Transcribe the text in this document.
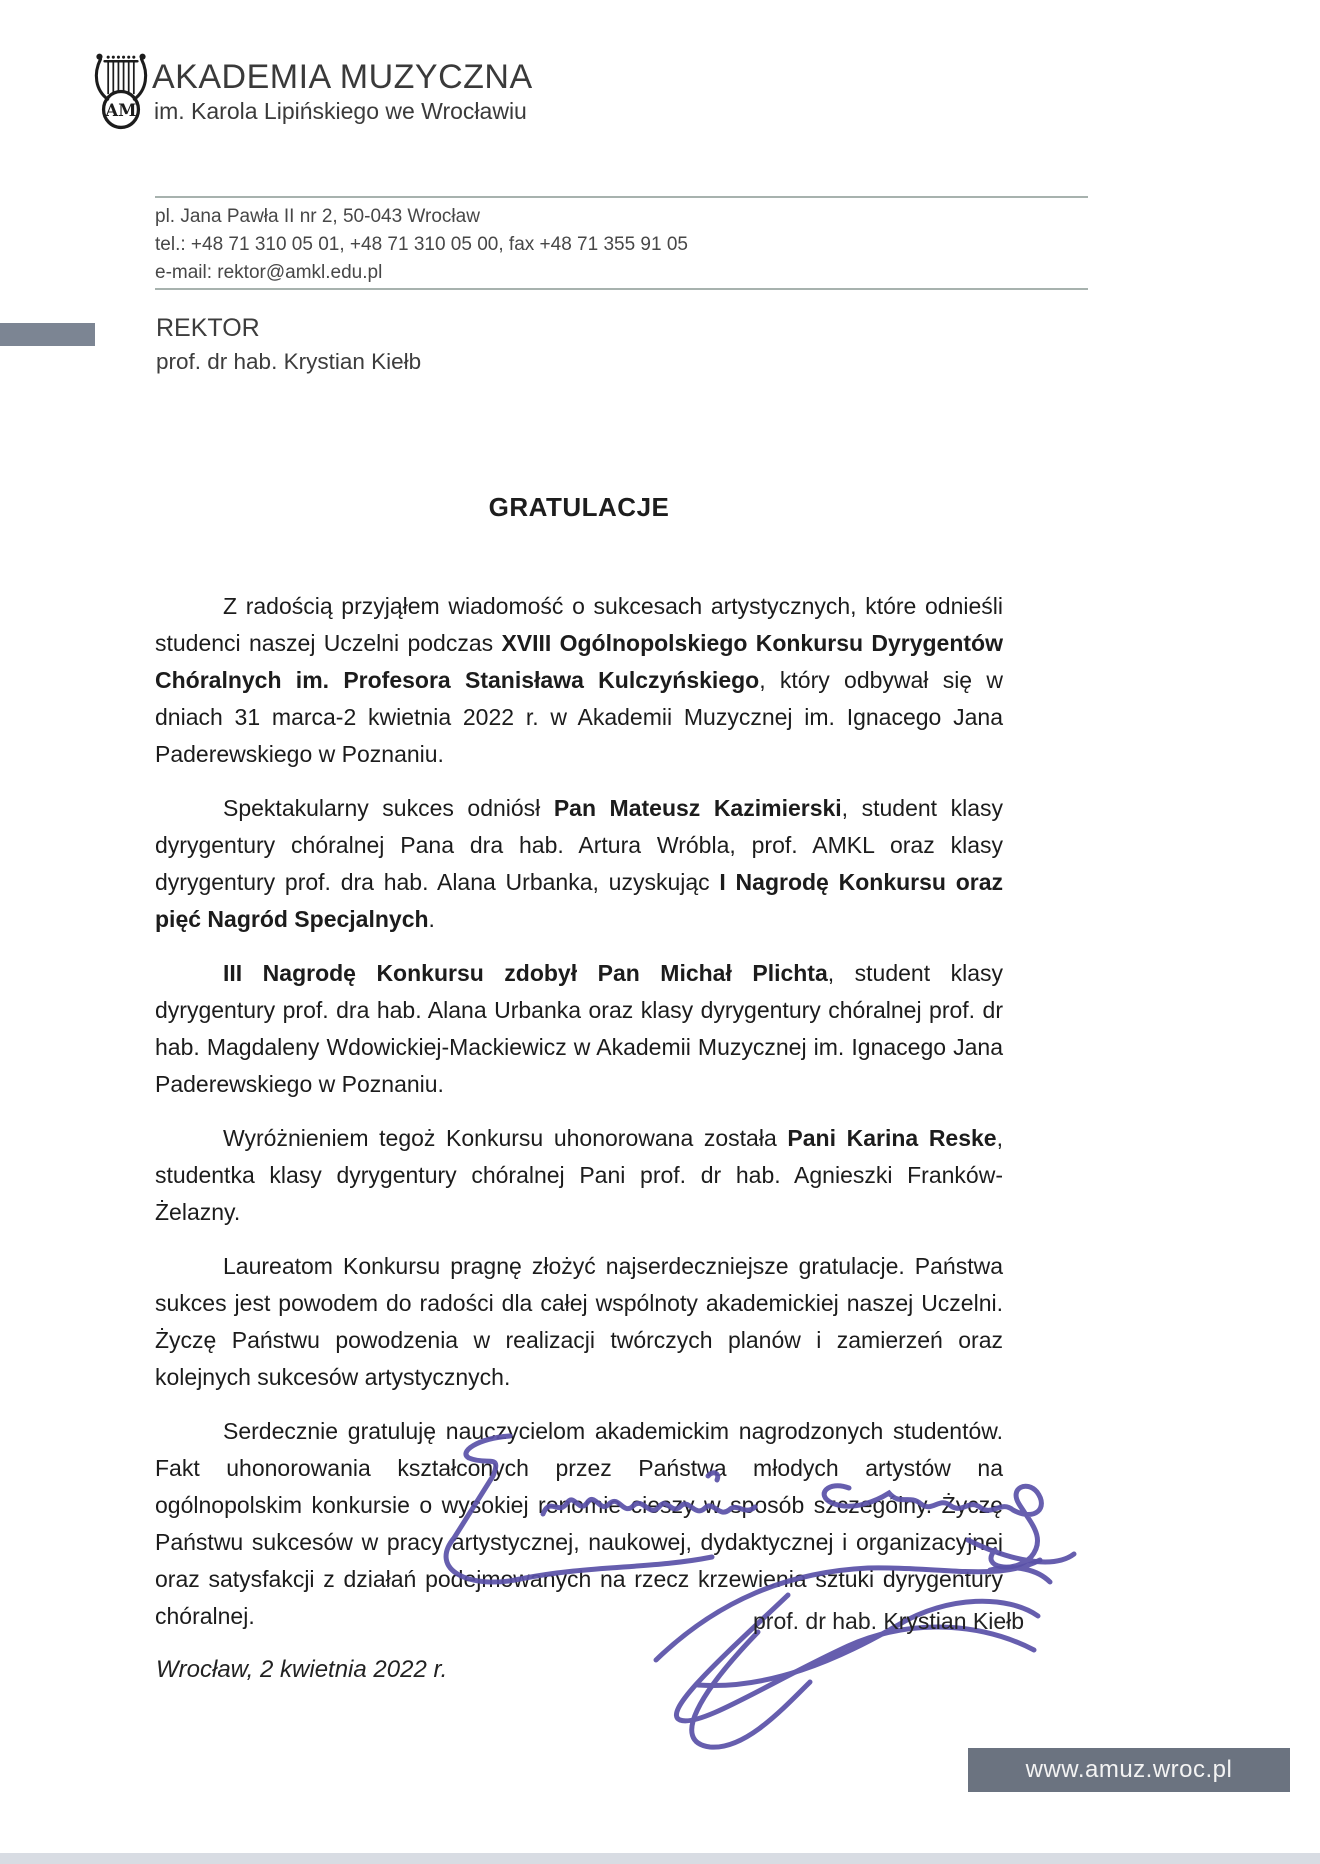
AM
AKADEMIA MUZYCZNA
im. Karola Lipińskiego we Wrocławiu
pl. Jana Pawła II nr 2, 50-043 Wrocław
tel.: +48 71 310 05 01, +48 71 310 05 00, fax +48 71 355 91 05
e-mail: rektor@amkl.edu.pl
REKTOR
prof. dr hab. Krystian Kiełb
GRATULACJE

Z radością przyjąłem wiadomość o sukcesach artystycznych, które odnieśli studenci naszej Uczelni podczas XVIII Ogólnopolskiego Konkursu Dyrygentów Chóralnych im. Profesora Stanisława Kulczyńskiego, który odbywał się w dniach 31 marca-2 kwietnia 2022 r. w Akademii Muzycznej im. Ignacego Jana Paderewskiego w Poznaniu.

Spektakularny sukces odniósł Pan Mateusz Kazimierski, student klasy dyrygentury chóralnej Pana dra hab. Artura Wróbla, prof. AMKL oraz klasy dyrygentury prof. dra hab. Alana Urbanka, uzyskując I Nagrodę Konkursu oraz pięć Nagród Specjalnych.

III Nagrodę Konkursu zdobył Pan Michał Plichta, student klasy dyrygentury prof. dra hab. Alana Urbanka oraz klasy dyrygentury chóralnej prof. dr hab. Magdaleny Wdowickiej-Mackiewicz w Akademii Muzycznej im. Ignacego Jana Paderewskiego w Poznaniu.

Wyróżnieniem tegoż Konkursu uhonorowana została Pani Karina Reske, studentka klasy dyrygentury chóralnej Pani prof. dr hab. Agnieszki Franków-Żelazny.

Laureatom Konkursu pragnę złożyć najserdeczniejsze gratulacje. Państwa sukces jest powodem do radości dla całej wspólnoty akademickiej naszej Uczelni. Życzę Państwu powodzenia w realizacji twórczych planów i zamierzeń oraz kolejnych sukcesów artystycznych.

Serdecznie gratuluję nauczycielom akademickim nagrodzonych studentów. Fakt uhonorowania kształconych przez Państwa młodych artystów na ogólnopolskim konkursie o wysokiej renomie cieszy w sposób szczególny. Życzę Państwu sukcesów w pracy artystycznej, naukowej, dydaktycznej i organizacyjnej oraz satysfakcji z działań podejmowanych na rzecz krzewienia sztuki dyrygentury chóralnej.	prof. dr hab. Krystian Kiełb
Wrocław, 2 kwietnia 2022 r.
www.amuz.wroc.pl
